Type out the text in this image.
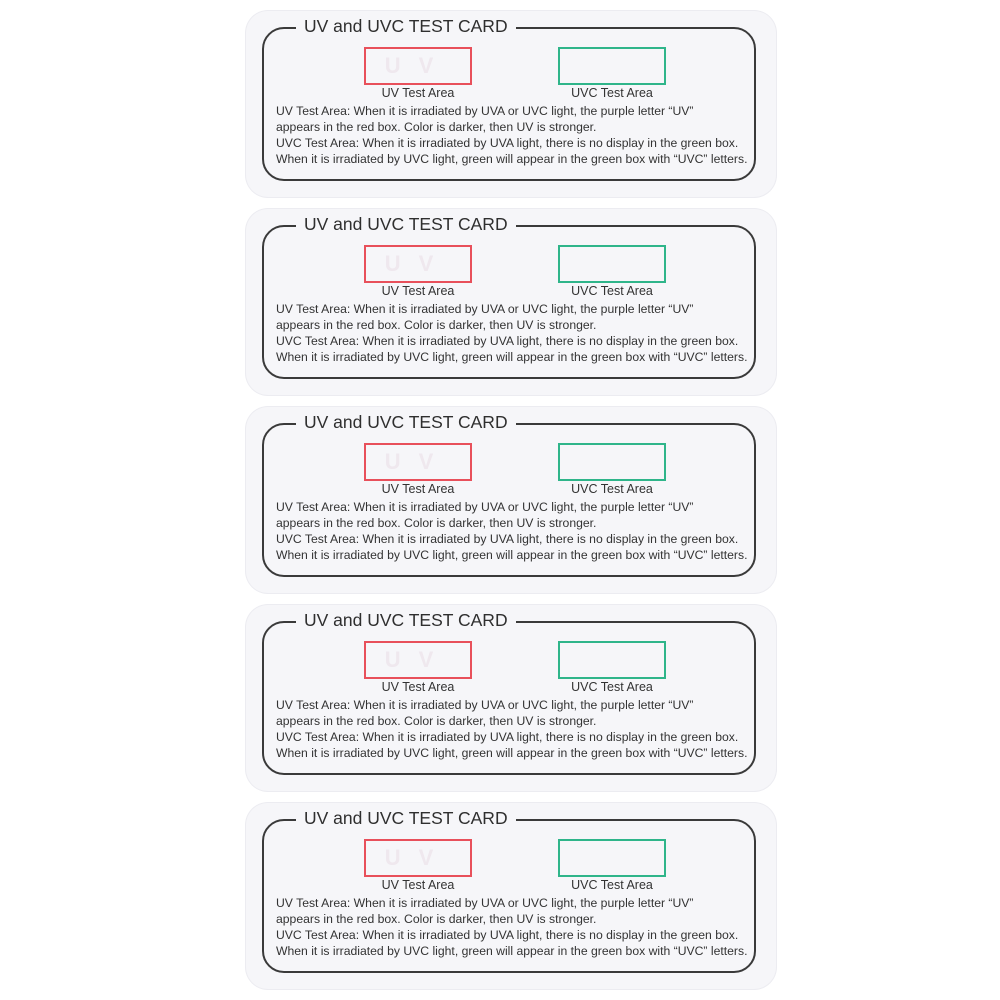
UV and UVC TEST CARD
UV
UV Test Area	UVC Test Area
UV Test Area: When it is irradiated by UVA or UVC light, the purple letter “UV”
appears in the red box. Color is darker, then UV is stronger.
UVC Test Area: When it is irradiated by UVA light, there is no display in the green box.
When it is irradiated by UVC light, green will appear in the green box with “UVC” letters.
UV and UVC TEST CARD
UV
UV Test Area	UVC Test Area
UV Test Area: When it is irradiated by UVA or UVC light, the purple letter “UV”
appears in the red box. Color is darker, then UV is stronger.
UVC Test Area: When it is irradiated by UVA light, there is no display in the green box.
When it is irradiated by UVC light, green will appear in the green box with “UVC” letters.
UV and UVC TEST CARD
UV
UV Test Area	UVC Test Area
UV Test Area: When it is irradiated by UVA or UVC light, the purple letter “UV”
appears in the red box. Color is darker, then UV is stronger.
UVC Test Area: When it is irradiated by UVA light, there is no display in the green box.
When it is irradiated by UVC light, green will appear in the green box with “UVC” letters.
UV and UVC TEST CARD
UV
UV Test Area	UVC Test Area
UV Test Area: When it is irradiated by UVA or UVC light, the purple letter “UV”
appears in the red box. Color is darker, then UV is stronger.
UVC Test Area: When it is irradiated by UVA light, there is no display in the green box.
When it is irradiated by UVC light, green will appear in the green box with “UVC” letters.
UV and UVC TEST CARD
UV
UV Test Area	UVC Test Area
UV Test Area: When it is irradiated by UVA or UVC light, the purple letter “UV”
appears in the red box. Color is darker, then UV is stronger.
UVC Test Area: When it is irradiated by UVA light, there is no display in the green box.
When it is irradiated by UVC light, green will appear in the green box with “UVC” letters.
